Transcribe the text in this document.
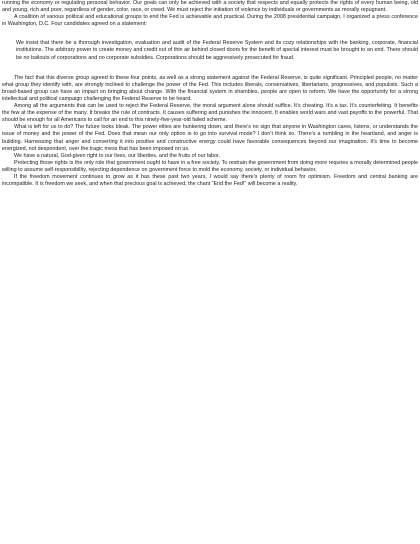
running the economy or regulating personal behavior. Our goals can only be achieved with a society that respects and equally protects the rights of every human being, old and young, rich and poor, regardless of gender, color, race, or creed. We must reject the initiation of violence by individuals or governments as morally repugnant.

A coalition of various political and educational groups to end the Fed is achievable and practical. During the 2008 presidential campaign, I organized a press conference in Washington, D.C. Four candidates agreed on a statement:

We insist that there be a thorough investigation, evaluation and audit of the Federal Reserve System and its cozy relationships with the banking, corporate, financial institutions. The arbitrary power to create money and credit out of thin air behind closed doors for the benefit of special interest must be brought to an end. There should be no bailouts of corporations and no corporate subsidies. Corporations should be aggressively prosecuted for fraud.

The fact that this diverse group agreed to these four points, as well as a strong statement against the Federal Reserve, is quite significant. Principled people, no matter what group they identify with, are strongly inclined to challenge the power of the Fed. This includes liberals, conservatives, libertarians, progressives, and populists. Such a broad-based group can have an impact on bringing about change. With the financial system in shambles, people are open to reform. We have the opportunity for a strong intellectual and political campaign challenging the Federal Reserve to be heard.

Among all the arguments that can be used to reject the Federal Reserve, the moral argument alone should suffice. It’s cheating. It’s a tax. It’s counterfeiting. It benefits the few at the expense of the many. It breaks the rule of contracts. It causes suffering and punishes the innocent. It enables world wars and vast payoffs to the powerful. That should be enough for all Americans to call for an end to this ninety-five-year-old failed scheme.

What is left for us to do? The future looks bleak. The power elites are hunkering down, and there’s no sign that anyone in Washington cares, listens, or understands the issue of money and the power of the Fed. Does that mean our only option is to go into survival mode? I don’t think so. There’s a rumbling in the heartland, and anger is building. Harnessing that anger and converting it into positive and constructive energy could have favorable consequences beyond our imagination. It’s time to become energized, not despondent, over the tragic mess that has been imposed on us.

We have a natural, God-given right to our lives, our liberties, and the fruits of our labor.

Protecting those rights is the only role that government ought to have in a free society. To restrain the government from doing more requires a morally determined people willing to assume self-responsibility, rejecting dependence on government force to mold the economy, society, or individual behavior.

If the freedom movement continues to grow as it has these past two years, I would say there’s plenty of room for optimism. Freedom and central banking are incompatible. It is freedom we seek, and when that precious goal is achieved, the chant “End the Fed!” will become a reality.
